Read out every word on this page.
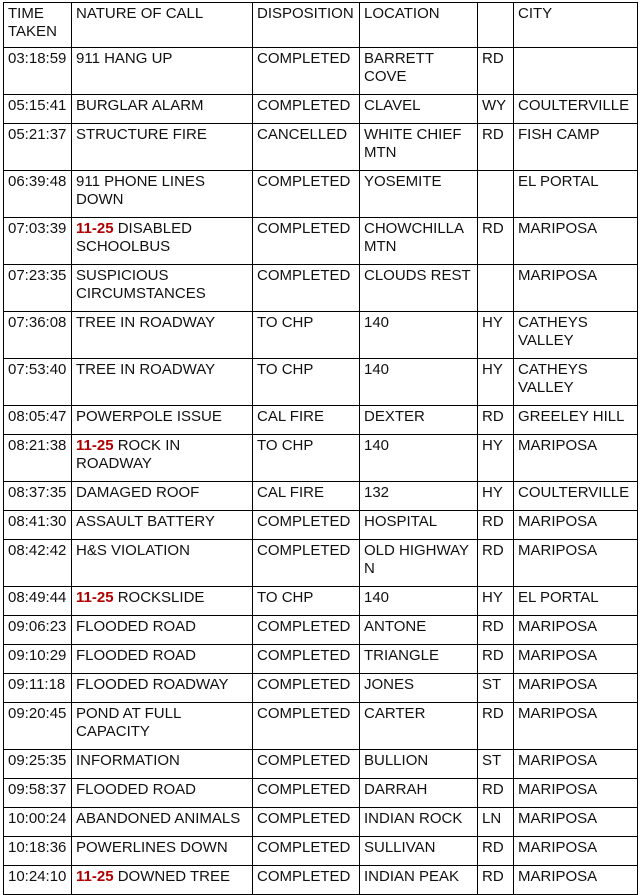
TIME TAKEN	NATURE OF CALL	DISPOSITION	LOCATION		CITY
03:18:59	911 HANG UP	COMPLETED	BARRETT COVE	RD	
05:15:41	BURGLAR ALARM	COMPLETED	CLAVEL	WY	COULTERVILLE
05:21:37	STRUCTURE FIRE	CANCELLED	WHITE CHIEF MTN	RD	FISH CAMP
06:39:48	911 PHONE LINES DOWN	COMPLETED	YOSEMITE		EL PORTAL
07:03:39	11-25 DISABLED SCHOOLBUS	COMPLETED	CHOWCHILLA MTN	RD	MARIPOSA
07:23:35	SUSPICIOUS CIRCUMSTANCES	COMPLETED	CLOUDS REST		MARIPOSA
07:36:08	TREE IN ROADWAY	TO CHP	140	HY	CATHEYS VALLEY
07:53:40	TREE IN ROADWAY	TO CHP	140	HY	CATHEYS VALLEY
08:05:47	POWERPOLE ISSUE	CAL FIRE	DEXTER	RD	GREELEY HILL
08:21:38	11-25 ROCK IN ROADWAY	TO CHP	140	HY	MARIPOSA
08:37:35	DAMAGED ROOF	CAL FIRE	132	HY	COULTERVILLE
08:41:30	ASSAULT BATTERY	COMPLETED	HOSPITAL	RD	MARIPOSA
08:42:42	H&S VIOLATION	COMPLETED	OLD HIGHWAY N	RD	MARIPOSA
08:49:44	11-25 ROCKSLIDE	TO CHP	140	HY	EL PORTAL
09:06:23	FLOODED ROAD	COMPLETED	ANTONE	RD	MARIPOSA
09:10:29	FLOODED ROAD	COMPLETED	TRIANGLE	RD	MARIPOSA
09:11:18	FLOODED ROADWAY	COMPLETED	JONES	ST	MARIPOSA
09:20:45	POND AT FULL CAPACITY	COMPLETED	CARTER	RD	MARIPOSA
09:25:35	INFORMATION	COMPLETED	BULLION	ST	MARIPOSA
09:58:37	FLOODED ROAD	COMPLETED	DARRAH	RD	MARIPOSA
10:00:24	ABANDONED ANIMALS	COMPLETED	INDIAN ROCK	LN	MARIPOSA
10:18:36	POWERLINES DOWN	COMPLETED	SULLIVAN	RD	MARIPOSA
10:24:10	11-25 DOWNED TREE	COMPLETED	INDIAN PEAK	RD	MARIPOSA
